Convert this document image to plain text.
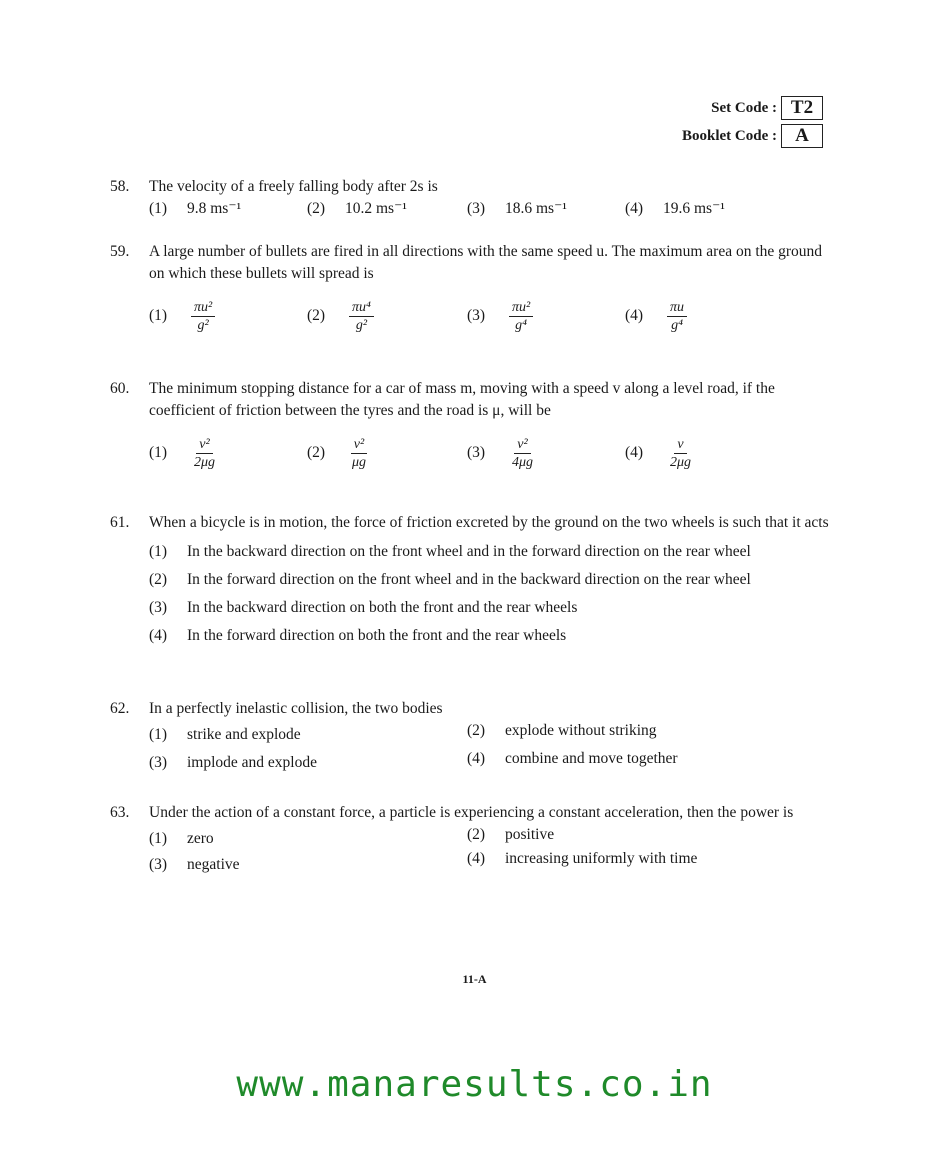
Set Code : T2
Booklet Code : A
58.	The velocity of a freely falling body after 2s is
(1) 9.8 ms⁻¹	(2) 10.2 ms⁻¹	(3) 18.6 ms⁻¹	(4) 19.6 ms⁻¹
59.	A large number of bullets are fired in all directions with the same speed u. The maximum area on the ground on which these bullets will spread is
$(1) \frac{\text{πu²}}{\text{g²}}$	$(2) \frac{\text{πu⁴}}{\text{g²}}$	$(3) \frac{\text{πu²}}{\text{g⁴}}$	$(4) \frac{\pi u}{\text{g⁴}}$
60.	The minimum stopping distance for a car of mass m, moving with a speed v along a level road, if the coefficient of friction between the tyres and the road is μ, will be
$(1) \frac{\text{v²}}{2\mu g}$	$(2) \frac{\text{v²}}{\mu g}$	$(3) \frac{\text{v²}}{4\mu g}$	$(4) \frac{v}{2\mu g}$
61.	When a bicycle is in motion, the force of friction excreted by the ground on the two wheels is such that it acts
(1) In the backward direction on the front wheel and in the forward direction on the rear wheel
(2) In the forward direction on the front wheel and in the backward direction on the rear wheel
(3) In the backward direction on both the front and the rear wheels
(4) In the forward direction on both the front and the rear wheels
62.	In a perfectly inelastic collision, the two bodies
(1) strike and explode	(2) explode without striking
(3) implode and explode	(4) combine and move together
63.	Under the action of a constant force, a particle is experiencing a constant acceleration, then the power is
(1) zero	(2) positive
(3) negative	(4) increasing uniformly with time
11-A
www.manaresults.co.in
